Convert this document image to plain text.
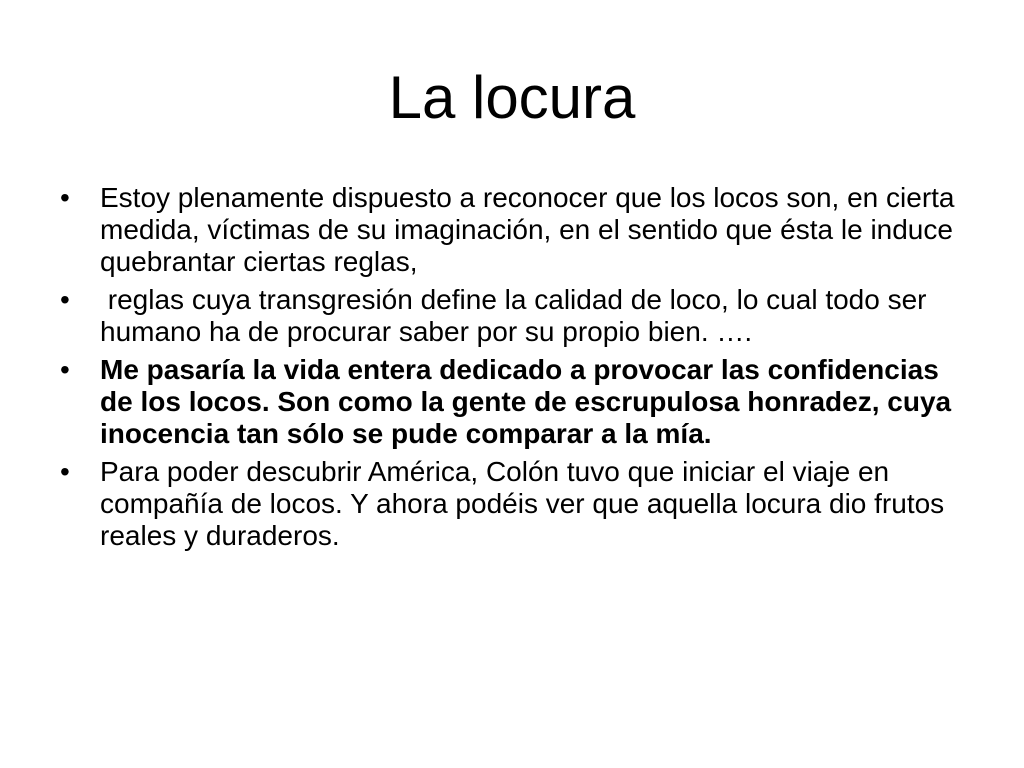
La locura
• Estoy plenamente dispuesto a reconocer que los locos son, en cierta medida, víctimas de su imaginación, en el sentido que ésta le induce quebrantar ciertas reglas,
• reglas cuya transgresión define la calidad de loco, lo cual todo ser humano ha de procurar saber por su propio bien. ….
• Me pasaría la vida entera dedicado a provocar las confidencias  de los locos. Son como la gente de escrupulosa honradez, cuya inocencia tan sólo se pude comparar a la mía.
• Para poder descubrir América, Colón tuvo que iniciar el viaje en compañía de locos. Y ahora podéis ver que aquella locura dio frutos reales y duraderos.
